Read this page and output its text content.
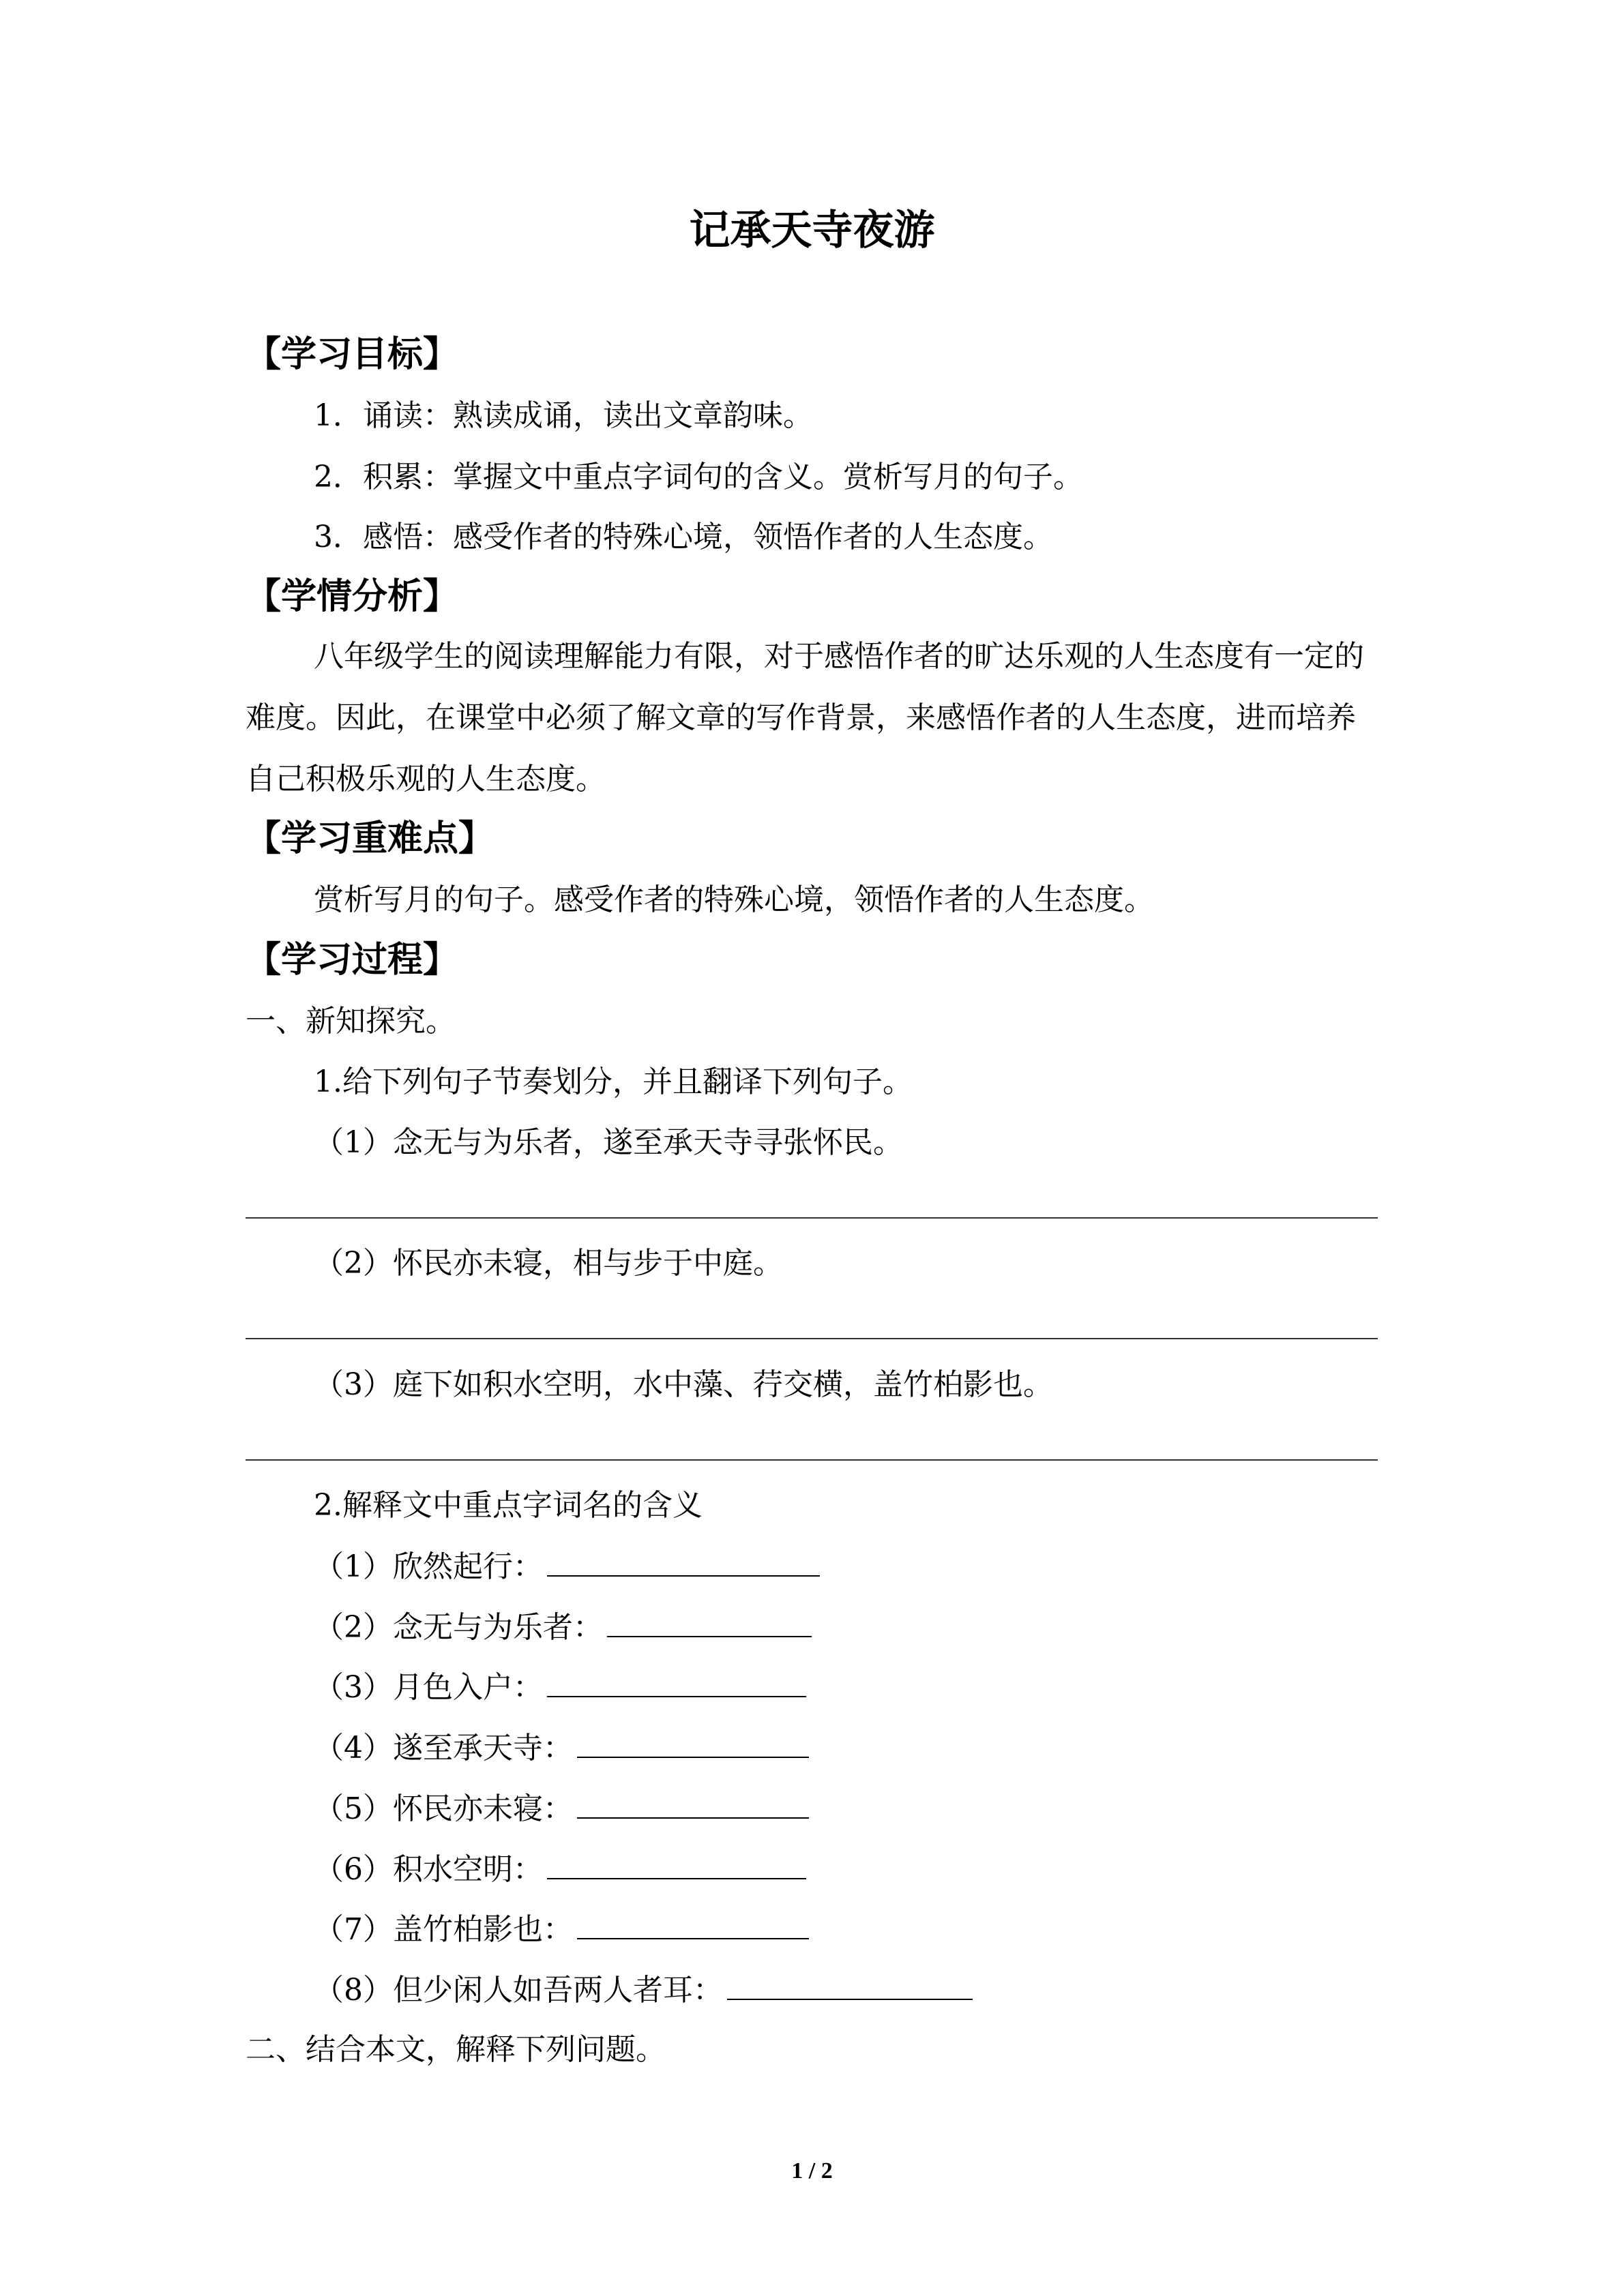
记承天寺夜游
【学习目标】
1．诵读：熟读成诵，读出文章韵味。
2．积累：掌握文中重点字词句的含义。赏析写月的句子。
3．感悟：感受作者的特殊心境，领悟作者的人生态度。
【学情分析】
八年级学生的阅读理解能力有限，对于感悟作者的旷达乐观的人生态度有一定的难度。因此，在课堂中必须了解文章的写作背景，来感悟作者的人生态度，进而培养自己积极乐观的人生态度。
【学习重难点】
赏析写月的句子。感受作者的特殊心境，领悟作者的人生态度。
【学习过程】
一、新知探究。
1.给下列句子节奏划分，并且翻译下列句子。
（1）念无与为乐者，遂至承天寺寻张怀民。
（2）怀民亦未寝，相与步于中庭。
（3）庭下如积水空明，水中藻、荇交横，盖竹柏影也。
2.解释文中重点字词名的含义
（1）欣然起行：
（2）念无与为乐者：
（3）月色入户：
（4）遂至承天寺：
（5）怀民亦未寝：
（6）积水空明：
（7）盖竹柏影也：
（8）但少闲人如吾两人者耳：
二、结合本文，解释下列问题。
1 / 2
